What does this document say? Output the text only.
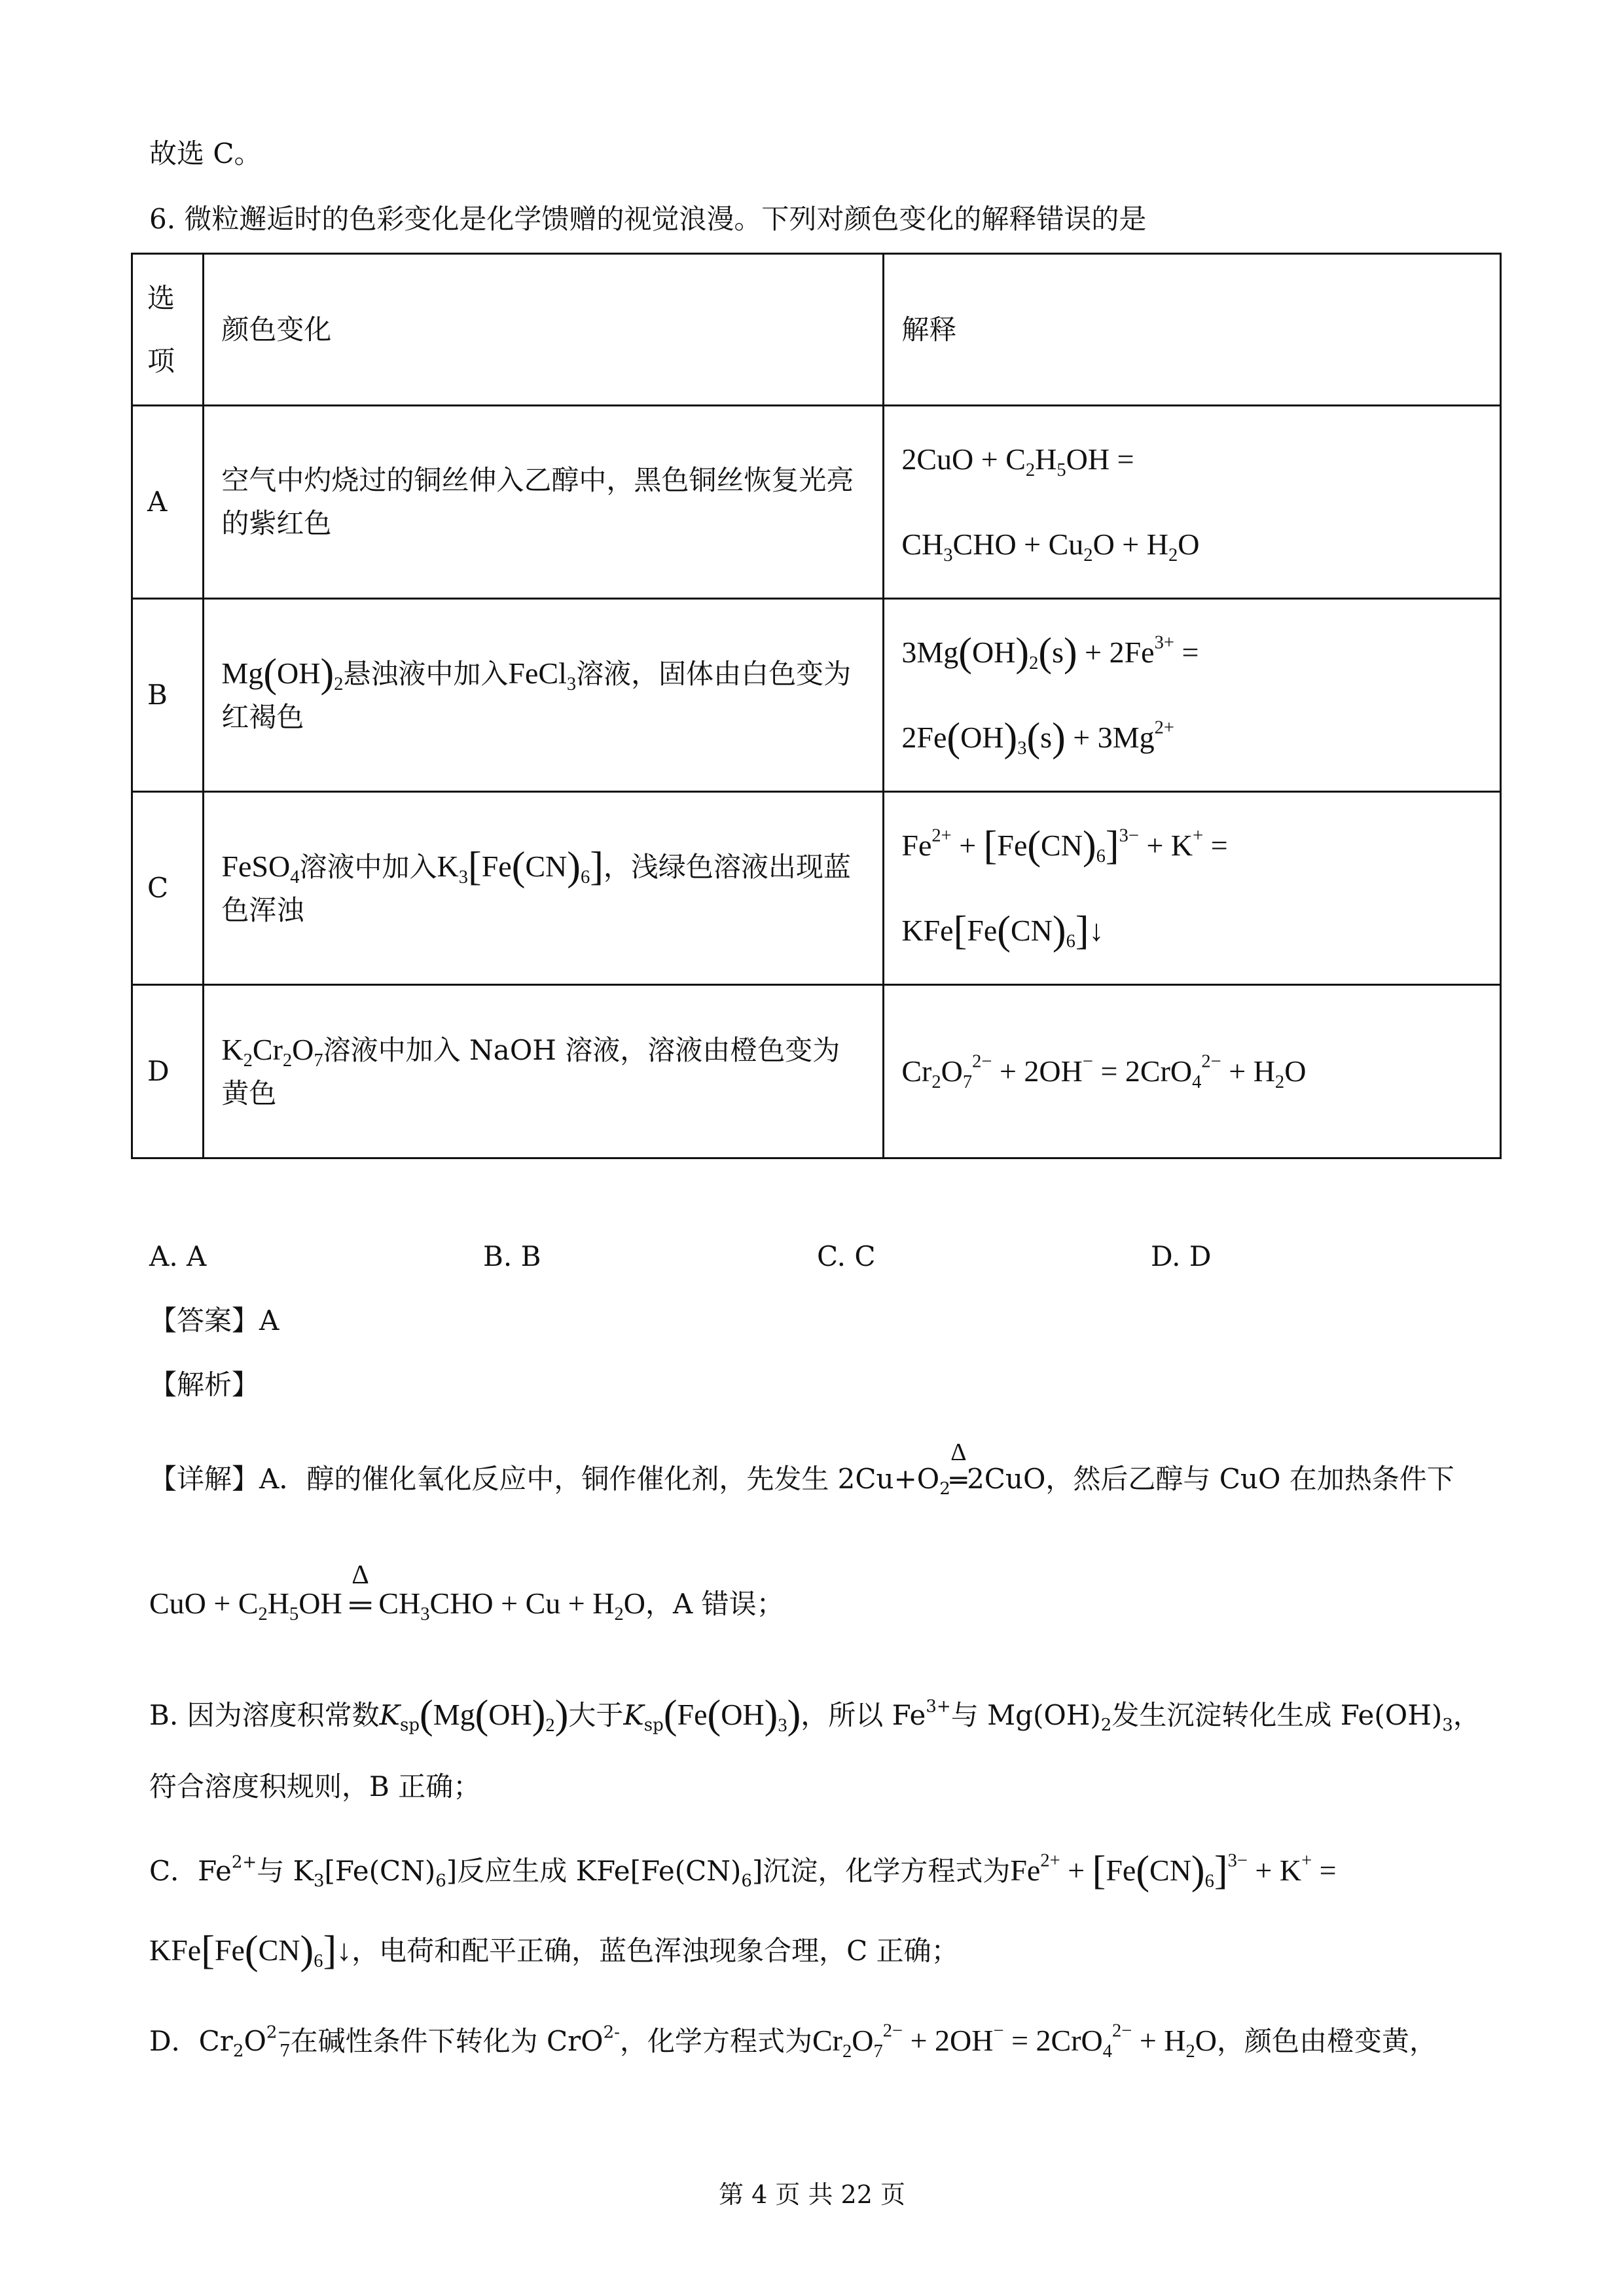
故选 C。
6. 微粒邂逅时的色彩变化是化学馈赠的视觉浪漫。下列对颜色变化的解释错误的是
选
项	颜色变化	解释
A	空气中灼烧过的铜丝伸入乙醇中，黑色铜丝恢复光亮的紫红色	$2CuO + C_2H_5OH$ =
$CH_3CHO + Cu_2O + H_2O$

B	$Mg(OH)_2$悬浊液中加入FeCl$_3$溶液，固体由白色变为红褐色	$3Mg(OH)_2(s) + 2Fe^{3+}$ =
$2Fe(OH)_3(s) + 3Mg^{2+}$

C	FeSO$_4$溶液中加入$K_3[Fe(CN)_6]$，浅绿色溶液出现蓝色浑浊	$Fe^{2+} + [Fe(CN)_6]^{3-} + K^+$ =
$KFe[Fe(CN)_6]↓$

D	$K_2Cr_2O_7$溶液中加入 NaOH 溶液，溶液由橙色变为黄色	$Cr_2O_7^{2-} + 2OH^- = 2CrO_4^{2-} + H_2O$
A. A	B. B	C. C	D. D
【答案】A
【解析】
【详解】A．醇的催化氧化反应中，铜作催化剂，先发生 $2Cu+O_2$
Δ
═2CuO，然后乙醇与 CuO 在加热条件下
CuO + $C_2H_5OH$
Δ
═ $CH_3CHO + Cu + H_2O$，A 错误；
B. 因为溶度积常数$K_{sp}(Mg(OH)_2)$大于$K_{sp}(Fe(OH)_3)$，所以 $Fe^{3+}$与 $Mg(OH)_2$发生沉淀转化生成 $Fe(OH)_3$，
符合溶度积规则，B 正确；
C．$Fe^{2+}$与 $K_3[Fe(CN)_6]$反应生成 $KFe[Fe(CN)_6]$沉淀，化学方程式为$Fe^{2+} + [Fe(CN)_6]^{3-} + K^+$ =
$KFe[Fe(CN)_6]↓$，电荷和配平正确，蓝色浑浊现象合理，C 正确；
D．$Cr_2O^{2-}_7$在碱性条件下转化为 CrO$^{2-}$，化学方程式为$Cr_2O_7^{2-} + 2OH^- = 2CrO_4^{2-} + H_2O$，颜色由橙变黄，
第 4 页 共 22 页
